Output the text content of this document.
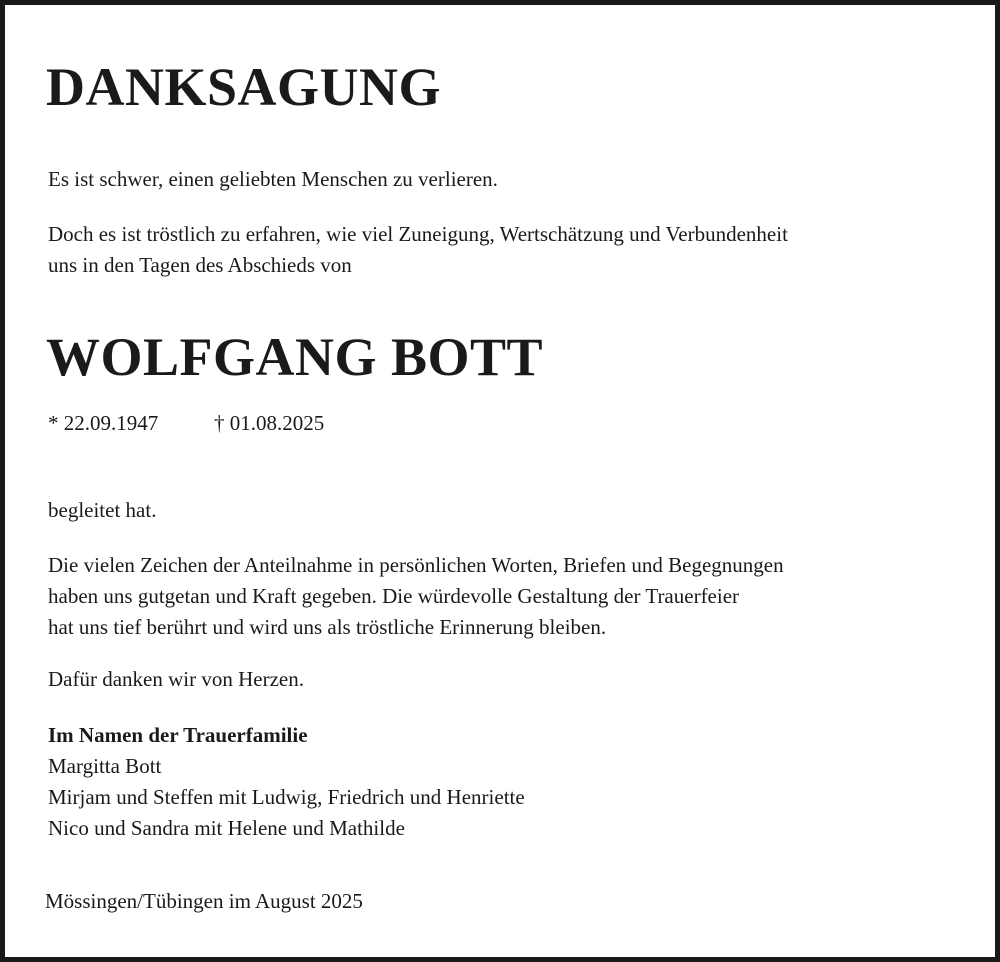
DANKSAGUNG

Es ist schwer, einen geliebten Menschen zu verlieren.

Doch es ist tröstlich zu erfahren, wie viel Zuneigung, Wertschätzung und Verbundenheit
uns in den Tagen des Abschieds von

WOLFGANG BOTT

* 22.09.1947	† 01.08.2025

begleitet hat.

Die vielen Zeichen der Anteilnahme in persönlichen Worten, Briefen und Begegnungen
haben uns gutgetan und Kraft gegeben. Die würdevolle Gestaltung der Trauerfeier
hat uns tief berührt und wird uns als tröstliche Erinnerung bleiben.

Dafür danken wir von Herzen.

Im Namen der Trauerfamilie
Margitta Bott
Mirjam und Steffen mit Ludwig, Friedrich und Henriette
Nico und Sandra mit Helene und Mathilde

Mössingen/Tübingen im August 2025
